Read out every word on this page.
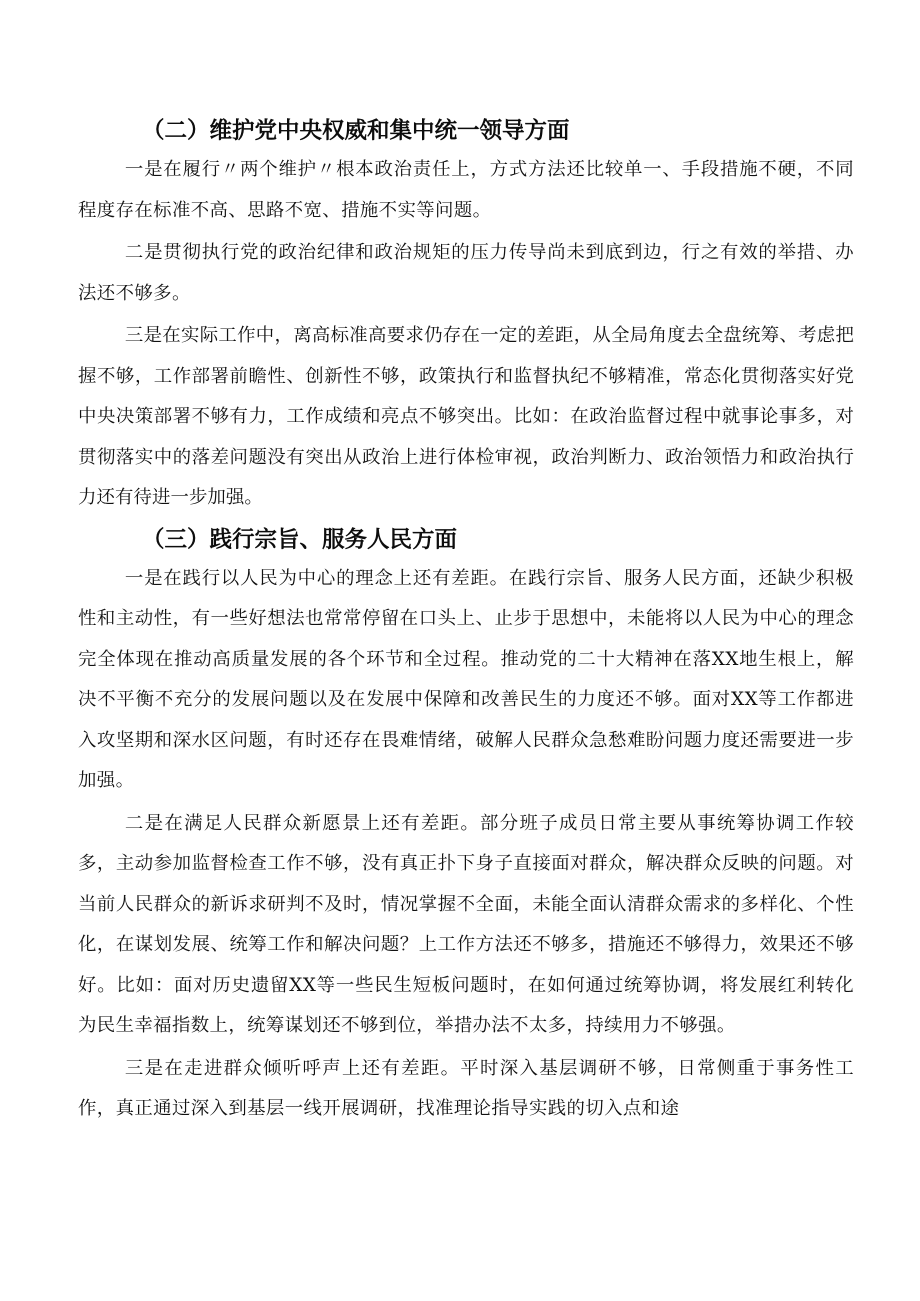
（二）维护党中央权威和集中统一领导方面

一是在履行〃两个维护〃根本政治责任上，方式方法还比较单一、手段措施不硬，不同程度存在标准不高、思路不宽、措施不实等问题。

二是贯彻执行党的政治纪律和政治规矩的压力传导尚未到底到边，行之有效的举措、办法还不够多。

三是在实际工作中，离高标准高要求仍存在一定的差距，从全局角度去全盘统筹、考虑把握不够，工作部署前瞻性、创新性不够，政策执行和监督执纪不够精准，常态化贯彻落实好党中央决策部署不够有力，工作成绩和亮点不够突出。比如：在政治监督过程中就事论事多，对贯彻落实中的落差问题没有突出从政治上进行体检审视，政治判断力、政治领悟力和政治执行力还有待进一步加强。

（三）践行宗旨、服务人民方面

一是在践行以人民为中心的理念上还有差距。在践行宗旨、服务人民方面，还缺少积极性和主动性，有一些好想法也常常停留在口头上、止步于思想中，未能将以人民为中心的理念完全体现在推动高质量发展的各个环节和全过程。推动党的二十大精神在落XX地生根上，解决不平衡不充分的发展问题以及在发展中保障和改善民生的力度还不够。面对XX等工作都进入攻坚期和深水区问题，有时还存在畏难情绪，破解人民群众急愁难盼问题力度还需要进一步加强。

二是在满足人民群众新愿景上还有差距。部分班子成员日常主要从事统筹协调工作较多，主动参加监督检查工作不够，没有真正扑下身子直接面对群众，解决群众反映的问题。对当前人民群众的新诉求研判不及时，情况掌握不全面，未能全面认清群众需求的多样化、个性化，在谋划发展、统筹工作和解决问题？上工作方法还不够多，措施还不够得力，效果还不够好。比如：面对历史遗留XX等一些民生短板问题时，在如何通过统筹协调，将发展红利转化为民生幸福指数上，统筹谋划还不够到位，举措办法不太多，持续用力不够强。

三是在走进群众倾听呼声上还有差距。平时深入基层调研不够，日常侧重于事务性工作，真正通过深入到基层一线开展调研，找准理论指导实践的切入点和途
